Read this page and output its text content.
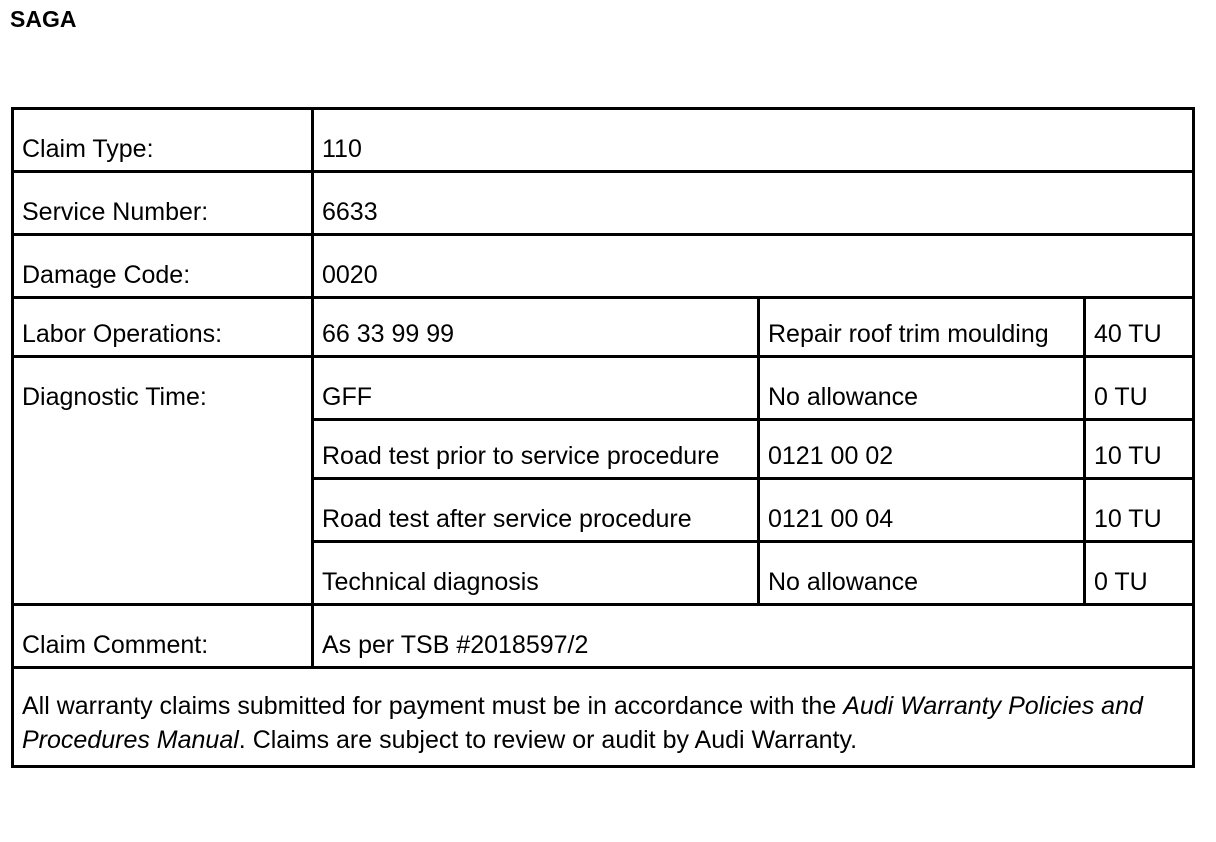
SAGA
Claim Type:	110		
Service Number:	6633		
Damage Code:	0020		
Labor Operations:	66 33 99 99	Repair roof trim moulding	40 TU
Diagnostic Time:	GFF	No allowance	0 TU
	Road test prior to service procedure	0121 00 02	10 TU
	Road test after service procedure	0121 00 04	10 TU
	Technical diagnosis	No allowance	0 TU
Claim Comment:	As per TSB #2018597/2		
All warranty claims submitted for payment must be in accordance with the Audi Warranty Policies and Procedures Manual. Claims are subject to review or audit by Audi Warranty.			
